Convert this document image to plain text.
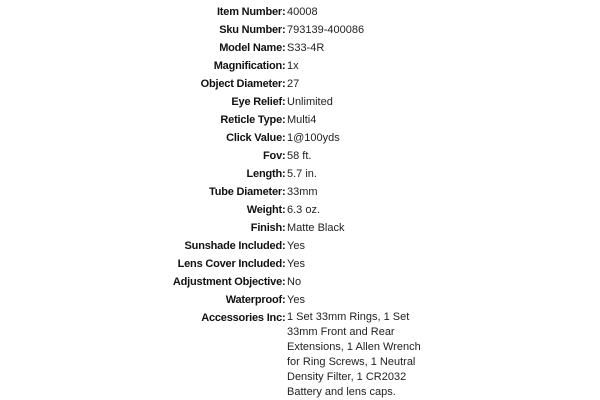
Item Number : 40008
Sku Number : 793139-400086
Model Name : S33-4R
Magnification : 1x
Object Diameter : 27
Eye Relief : Unlimited
Reticle Type : Multi4
Click Value : 1@100yds
Fov : 58 ft.
Length : 5.7 in.
Tube Diameter : 33mm
Weight : 6.3 oz.
Finish : Matte Black
Sunshade Included : Yes
Lens Cover Included : Yes
Adjustment Objective : No
Waterproof : Yes
Accessories Inc : 1 Set 33mm Rings, 1 Set 33mm Front and Rear Extensions, 1 Allen Wrench for Ring Screws, 1 Neutral Density Filter, 1 CR2032 Battery and lens caps.
